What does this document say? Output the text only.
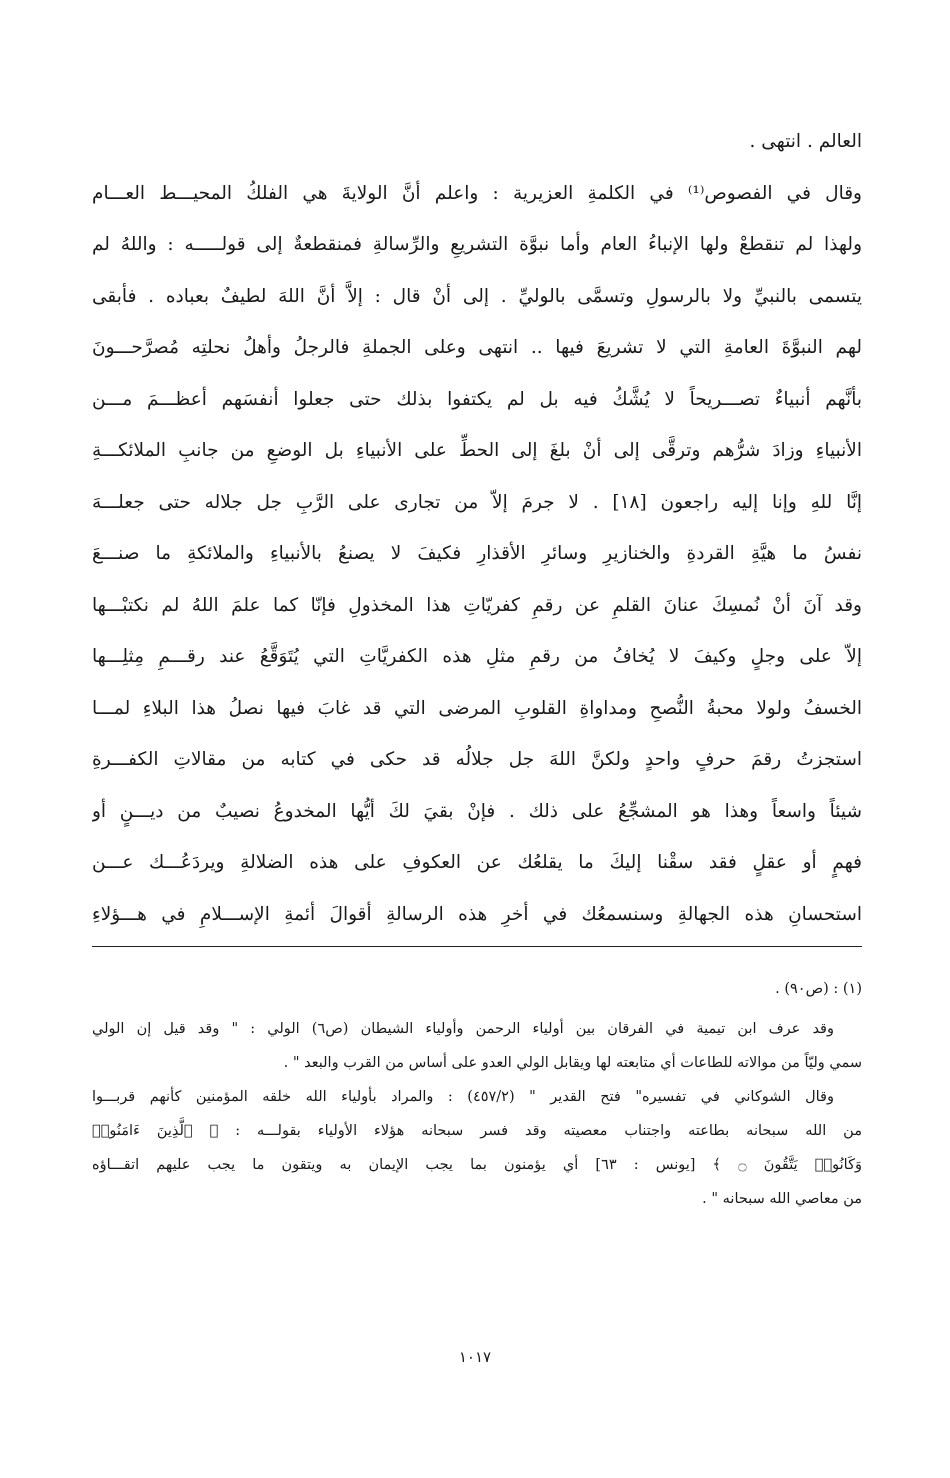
العالم . انتهى .
وقال في الفصوص⁽¹⁾ في الكلمةِ العزيرية : واعلم أنَّ الولايةَ هي الفلكُ المحيـــط العـــام
ولهذا لم تنقطعْ ولها الإنباءُ العام وأما نبوَّة التشريعِ والرِّسالةِ فمنقطعةٌ إلى قولـــــه : واللهُ لم
يتسمى بالنبيِّ ولا بالرسولِ وتسمَّى بالوليِّ . إلى أنْ قال : إلاَّ أنَّ اللهَ لطيفٌ بعباده . فأبقى
لهم النبوَّةَ العامةِ التي لا تشريعَ فيها .. انتهى وعلى الجملةِ فالرجلُ وأهلُ نحلتِه مُصرَّحـــونَ
بأنَّهم أنبياءٌ تصـــريحاً لا يُشَّكُ فيه بل لم يكتفوا بذلك حتى جعلوا أنفسَهم أعظـــمَ مـــن
الأنبياءِ وزادَ شرُّهم وترقَّى إلى أنْ بلغَ إلى الحطِّ على الأنبياءِ بل الوضعِ من جانبِ الملائكـــةِ
إنَّا للهِ وإنا إليه راجعون [١٨] . لا جرمَ إلاّ من تجارى على الرَّبِ جل جلاله حتى جعلـــهَ
نفسُ ما هيَّةِ القردةِ والخنازيرِ وسائرِ الأقذارِ فكيفَ لا يصنعُ بالأنبياءِ والملائكةِ ما صنـــعَ
وقد آنَ أنْ نُمسِكَ عنانَ القلمِ عن رقمِ كفريّاتِ هذا المخذولِ فإنّا كما علمَ اللهُ لم نكتبْـــها
إلاّ على وجلٍ وكيفَ لا يُخافُ من رقمِ مثلِ هذه الكفريَّاتِ التي يُتَوَقَّعُ عند رقـــمِ مِثلِـــها
الخسفُ ولولا محبةُ النُّصحِ ومداواةِ القلوبِ المرضى التي قد غابَ فيها نصلُ هذا البلاءِ لمـــا
استجزتُ رقمَ حرفٍ واحدٍ ولكنَّ اللهَ جل جلالُه قد حكى في كتابه من مقالاتِ الكفـــرةِ
شيئاً واسعاً وهذا هو المشجِّعُ على ذلك . فإنْ بقيَ لكَ أيُّها المخدوعُ نصيبٌ من ديـــنٍ أو
فهمٍ أو عقلٍ فقد سقْنا إليكَ ما يقلعُك عن العكوفِ على هذه الضلالةِ ويردَعُـــك عـــن
استحسانِ هذه الجهالةِ وسنسمعُك في أخرِ هذه الرسالةِ أقوالَ أئمةِ الإســـلامِ في هـــؤلاءِ
(١) : (ص٩٠) .
وقد عرف ابن تيمية في الفرقان بين أولياء الرحمن وأولياء الشيطان (ص٦) الولي : " وقد قيل إن الولي
سمي وليّاً من موالاته للطاعات أي متابعته لها ويقابل الولي العدو على أساس من القرب والبعد " .
وقال الشوكاني في تفسيره" فتح القدير " (٤٥٧/٢) : والمراد بأولياء الله خلقه المؤمنين كأنهم قربـــوا
من الله سبحانه بطاعته واجتناب معصيته وقد فسر سبحانه هؤلاء الأولياء بقولـــه : ﴿ ٱلَّذِينَ ءَامَنُوا۟
وَكَانُوا۟ يَتَّقُونَ ۝ ﴾ [يونس : ٦٣] أي يؤمنون بما يجب الإيمان به ويتقون ما يجب عليهم اتقـــاؤه
من معاصي الله سبحانه " .
١٠١٧
